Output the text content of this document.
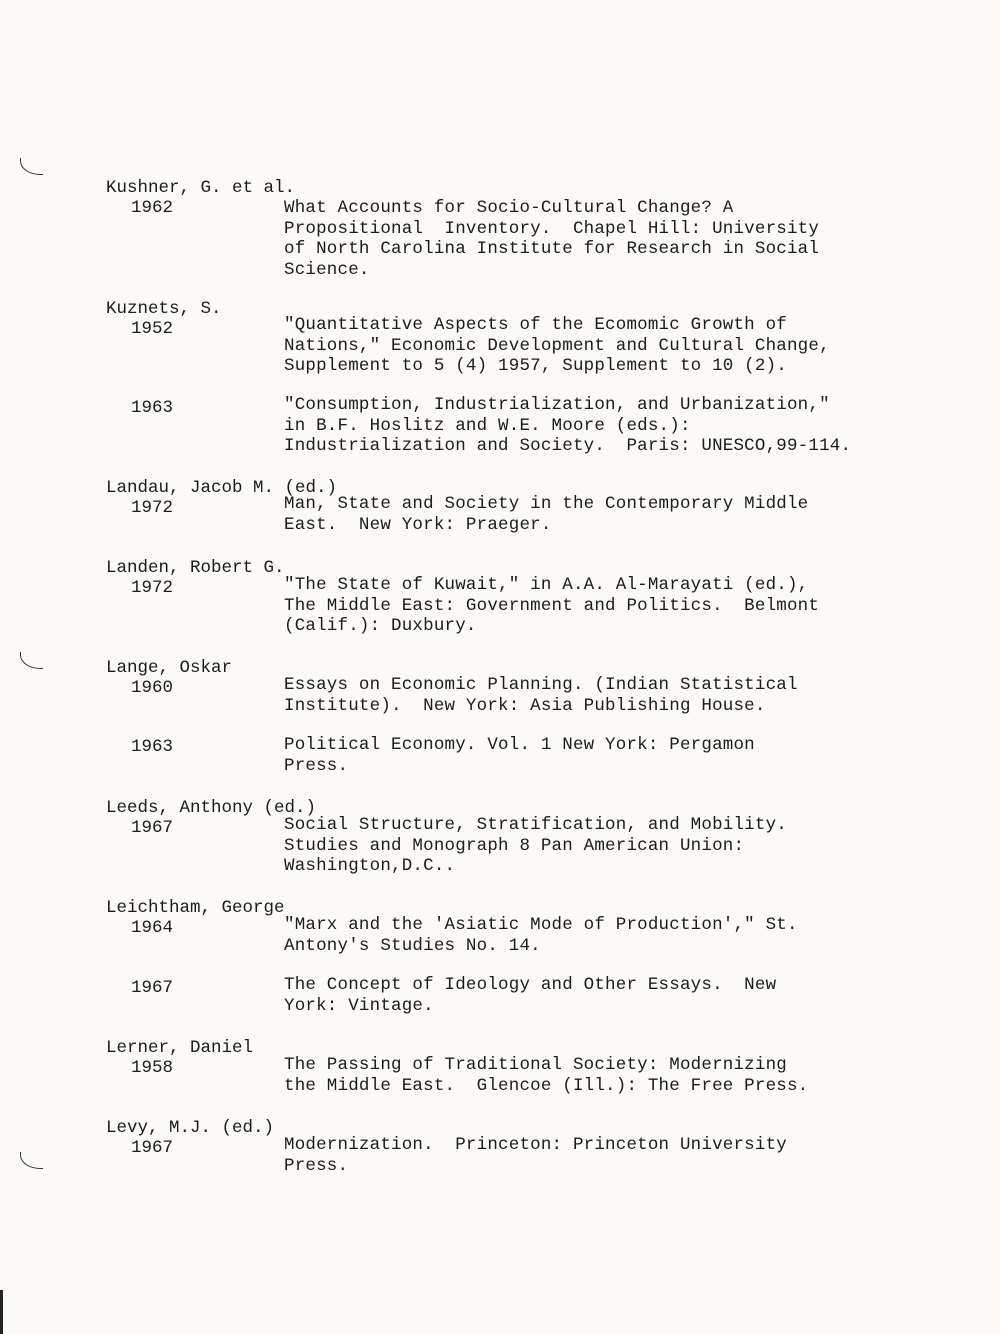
Kushner, G. et al.
1962	What Accounts for Socio-Cultural Change? A
Propositional  Inventory.  Chapel Hill: University
of North Carolina Institute for Research in Social
Science.
Kuznets, S.
1952	"Quantitative Aspects of the Ecomomic Growth of
Nations," Economic Development and Cultural Change,
Supplement to 5 (4) 1957, Supplement to 10 (2).
1963	"Consumption, Industrialization, and Urbanization,"
in B.F. Hoslitz and W.E. Moore (eds.):
Industrialization and Society.  Paris: UNESCO,99-114.
Landau, Jacob M. (ed.)
1972	Man, State and Society in the Contemporary Middle
East.  New York: Praeger.
Landen, Robert G.
1972	"The State of Kuwait," in A.A. Al-Marayati (ed.),
The Middle East: Government and Politics.  Belmont
(Calif.): Duxbury.
Lange, Oskar
1960	Essays on Economic Planning. (Indian Statistical
Institute).  New York: Asia Publishing House.
1963	Political Economy. Vol. 1 New York: Pergamon
Press.
Leeds, Anthony (ed.)
1967	Social Structure, Stratification, and Mobility.
Studies and Monograph 8 Pan American Union:
Washington,D.C..
Leichtham, George
1964	"Marx and the 'Asiatic Mode of Production'," St.
Antony's Studies No. 14.
1967	The Concept of Ideology and Other Essays.  New
York: Vintage.
Lerner, Daniel
1958	The Passing of Traditional Society: Modernizing
the Middle East.  Glencoe (Ill.): The Free Press.
Levy, M.J. (ed.)
1967	Modernization.  Princeton: Princeton University
Press.
